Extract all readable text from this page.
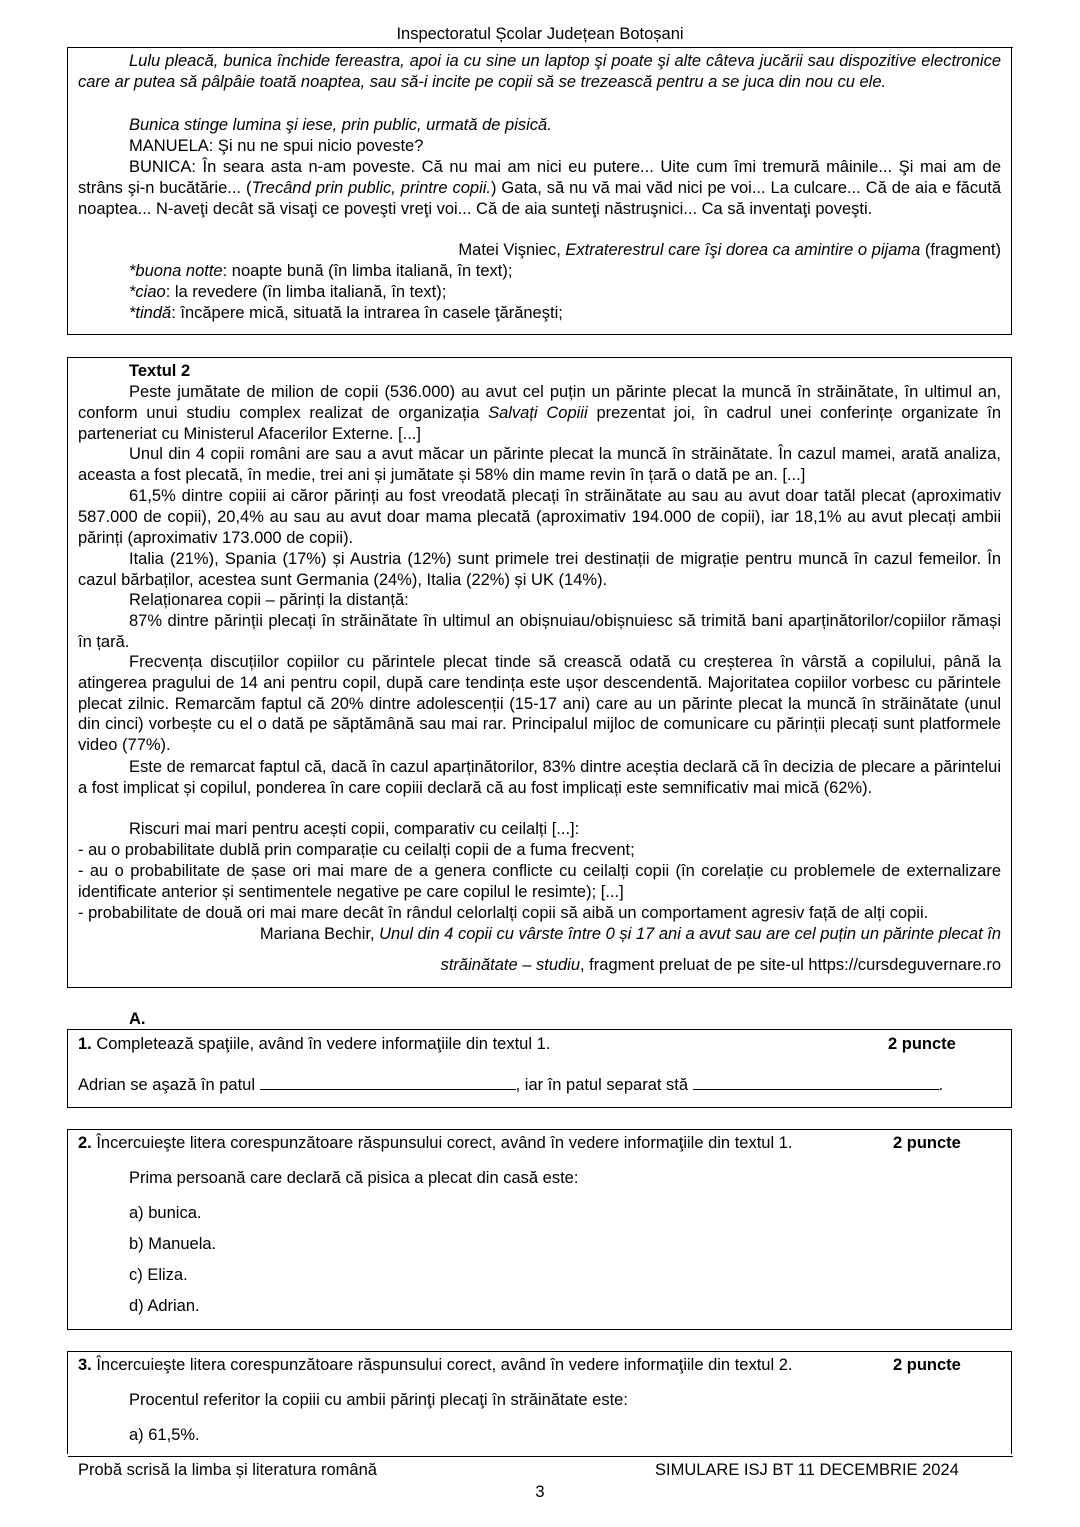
Inspectoratul Școlar Județean Botoșani

Lulu pleacă, bunica închide fereastra, apoi ia cu sine un laptop şi poate şi alte câteva jucării sau dispozitive electronice care ar putea să pâlpâie toată noaptea, sau să-i incite pe copii să se trezească pentru a se juca din nou cu ele.

Bunica stinge lumina şi iese, prin public, urmată de pisică.
MANUELA: Şi nu ne spui nicio poveste?

BUNICA: În seara asta n-am poveste. Că nu mai am nici eu putere... Uite cum îmi tremură mâinile... Şi mai am de strâns şi-n bucătărie... (Trecând prin public, printre copii.) Gata, să nu vă mai văd nici pe voi... La culcare... Că de aia e făcută noaptea... N-aveţi decât să visaţi ce poveşti vreţi voi... Că de aia sunteţi năstruşnici... Ca să inventaţi poveşti.

Matei Vişniec, Extraterestrul care îşi dorea ca amintire o pijama (fragment)
*buona notte: noapte bună (în limba italiană, în text);
*ciao: la revedere (în limba italiană, în text);
*tindă: încăpere mică, situată la intrarea în casele ţărăneşti;
Textul 2

Peste jumătate de milion de copii (536.000) au avut cel puțin un părinte plecat la muncă în străinătate, în ultimul an, conform unui studiu complex realizat de organizația Salvați Copiii prezentat joi, în cadrul unei conferințe organizate în parteneriat cu Ministerul Afacerilor Externe. [...]

Unul din 4 copii români are sau a avut măcar un părinte plecat la muncă în străinătate. În cazul mamei, arată analiza, aceasta a fost plecată, în medie, trei ani și jumătate și 58% din mame revin în țară o dată pe an. [...]

61,5% dintre copiii ai căror părinți au fost vreodată plecați în străinătate au sau au avut doar tatăl plecat (aproximativ 587.000 de copii), 20,4% au sau au avut doar mama plecată (aproximativ 194.000 de copii), iar 18,1% au avut plecați ambii părinți (aproximativ 173.000 de copii).

Italia (21%), Spania (17%) și Austria (12%) sunt primele trei destinații de migrație pentru muncă în cazul femeilor. În cazul bărbaților, acestea sunt Germania (24%), Italia (22%) și UK (14%).

Relaționarea copii – părinți la distanță:

87% dintre părinții plecați în străinătate în ultimul an obișnuiau/obișnuiesc să trimită bani aparținătorilor/copiilor rămași în țară.

Frecvența discuțiilor copiilor cu părintele plecat tinde să crească odată cu creșterea în vârstă a copilului, până la atingerea pragului de 14 ani pentru copil, după care tendința este ușor descendentă. Majoritatea copiilor vorbesc cu părintele plecat zilnic. Remarcăm faptul că 20% dintre adolescenții (15-17 ani) care au un părinte plecat la muncă în străinătate (unul din cinci) vorbește cu el o dată pe săptămână sau mai rar. Principalul mijloc de comunicare cu părinții plecați sunt platformele video (77%).

Este de remarcat faptul că, dacă în cazul aparținătorilor, 83% dintre aceștia declară că în decizia de plecare a părintelui a fost implicat și copilul, ponderea în care copiii declară că au fost implicați este semnificativ mai mică (62%).

Riscuri mai mari pentru acești copii, comparativ cu ceilalți [...]:

- au o probabilitate dublă prin comparație cu ceilalți copii de a fuma frecvent;

- au o probabilitate de șase ori mai mare de a genera conflicte cu ceilalți copii (în corelație cu problemele de externalizare identificate anterior și sentimentele negative pe care copilul le resimte); [...]

- probabilitate de două ori mai mare decât în rândul celorlalți copii să aibă un comportament agresiv față de alți copii.

Mariana Bechir, Unul din 4 copii cu vârste între 0 și 17 ani a avut sau are cel puțin un părinte plecat în
străinătate – studiu, fragment preluat de pe site-ul https://cursdeguvernare.ro
A.
1. Completează spaţiile, având în vedere informaţiile din textul 1.	2 puncte
Adrian se aşază în patul	, iar în patul separat stă	.
2. Încercuieşte litera corespunzătoare răspunsului corect, având în vedere informaţiile din textul 1.	2 puncte
Prima persoană care declară că pisica a plecat din casă este:
a) bunica.
b) Manuela.
c) Eliza.
d) Adrian.
3. Încercuieşte litera corespunzătoare răspunsului corect, având în vedere informaţiile din textul 2.	2 puncte
Procentul referitor la copiii cu ambii părinţi plecaţi în străinătate este:
a) 61,5%.
Probă scrisă la limba și literatura română	SIMULARE ISJ BT 11 DECEMBRIE 2024
3
